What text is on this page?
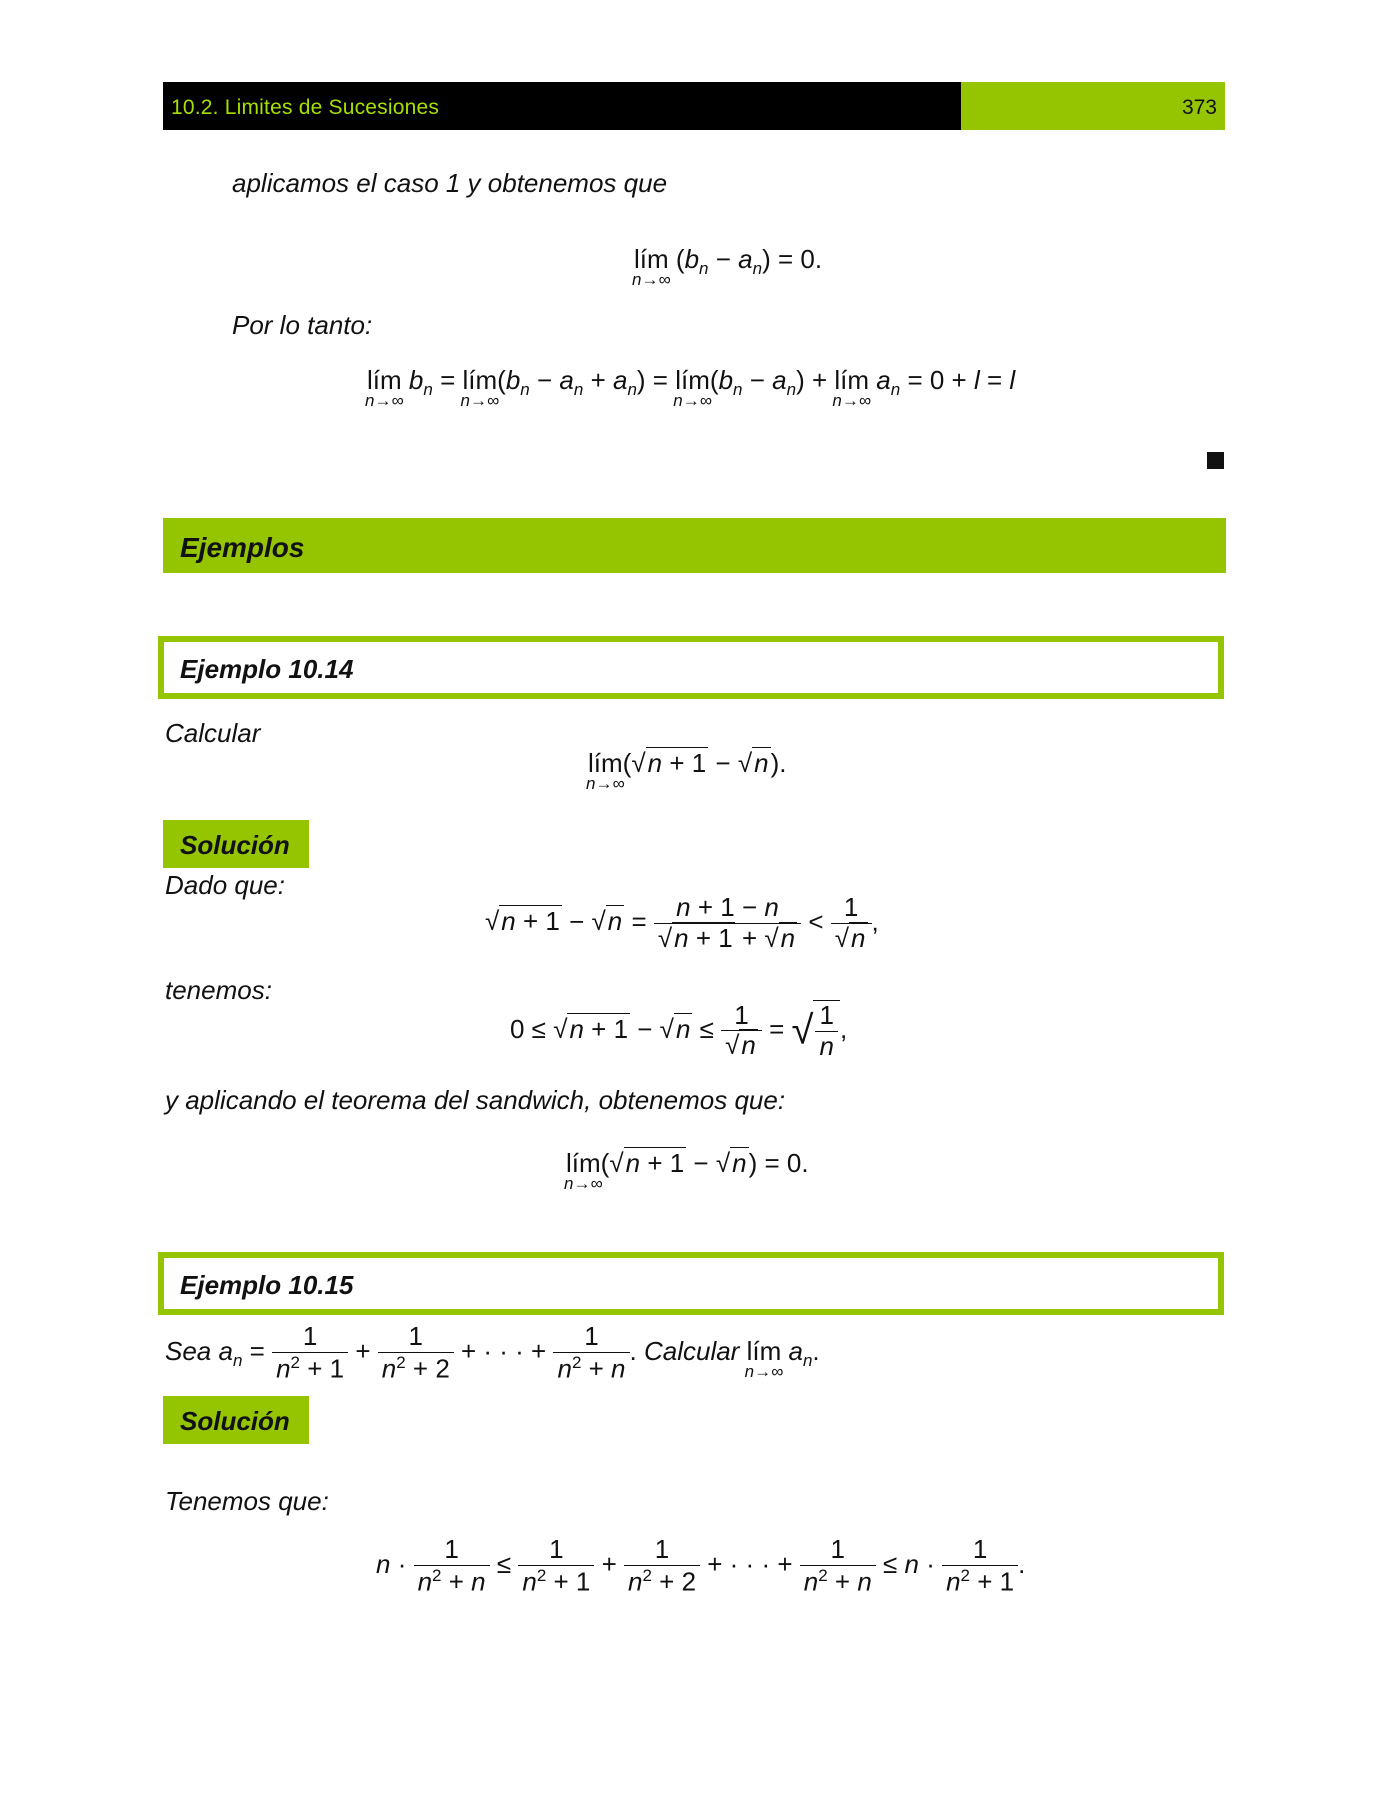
10.2. Limites de Sucesiones	373
aplicamos el caso 1 y obtenemos que
lím
n→∞
$(b_n - a_n) = 0$.
Por lo tanto:
lím
n→∞
$b_n$ = lím
n→∞
$(b_n - a_n + a_n)$ = lím
n→∞
$(b_n - a_n)$ + lím
n→∞
$a_n = 0 + l = l$
Ejemplos
Ejemplo 10.14
Calcular
lím
n→∞
(√n + 1 − √n).
Solución
Dado que:
$√n + 1 - √n = \frac{n + 1 - n}{√n + 1 + √n} < \frac{1}{√n}$ ,
tenemos:
$0 \le √n + 1 - √n \le \frac{1}{√n}$ = √ $\frac{1}{n}$ ,
y aplicando el teorema del sandwich, obtenemos que:
lím
n→∞
(√n + 1 − √n) = 0.
Ejemplo 10.15
Sea $a_n = \frac{1}{n^2 + 1} + \frac{1}{n^2 + 2}$ + · · · + $\frac{1}{n^2 + n}$ . Calcular lím
n→∞
$a_n$.
Solución
Tenemos que:
$n \cdot \frac{1}{n^2 + n} \le \frac{1}{n^2 + 1} + \frac{1}{n^2 + 2}$ + · · · + $\frac{1}{n^2 + n} \le n \cdot \frac{1}{n^2 + 1}$ .
